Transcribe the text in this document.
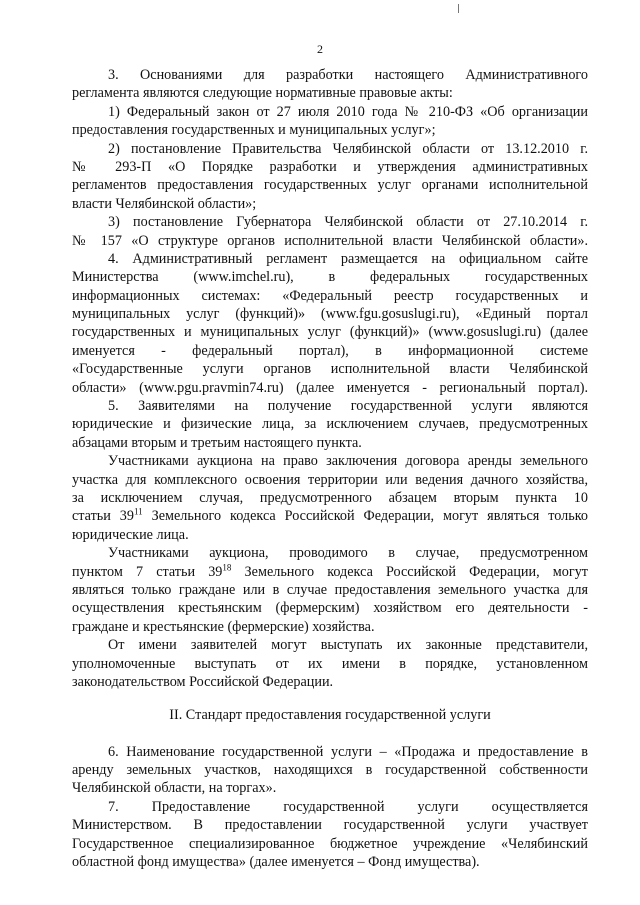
2
3. Основаниями для разработки настоящего Административного
регламента являются следующие нормативные правовые акты:
1) Федеральный закон от 27 июля 2010 года № 210-ФЗ «Об организации
предоставления государственных и муниципальных услуг»;
2) постановление Правительства Челябинской области от 13.12.2010 г.
№ 293-П «О Порядке разработки и утверждения административных
регламентов предоставления государственных услуг органами исполнительной
власти Челябинской области»;
3) постановление Губернатора Челябинской области от 27.10.2014 г.
№ 157 «О структуре органов исполнительной власти Челябинской области».
4. Административный регламент размещается на официальном сайте
Министерства (www.imchel.ru), в федеральных государственных
информационных системах: «Федеральный реестр государственных и
муниципальных услуг (функций)» (www.fgu.gosuslugi.ru), «Единый портал
государственных и муниципальных услуг (функций)» (www.gosuslugi.ru) (далее
именуется - федеральный портал), в информационной системе
«Государственные услуги органов исполнительной власти Челябинской
области» (www.pgu.pravmin74.ru) (далее именуется - региональный портал).
5. Заявителями на получение государственной услуги являются
юридические и физические лица, за исключением случаев, предусмотренных
абзацами вторым и третьим настоящего пункта.
Участниками аукциона на право заключения договора аренды земельного
участка для комплексного освоения территории или ведения дачного хозяйства,
за исключением случая, предусмотренного абзацем вторым пункта 10
статьи $39^{11}$ Земельного кодекса Российской Федерации, могут являться только
юридические лица.
Участниками аукциона, проводимого в случае, предусмотренном
пунктом 7 статьи $39^{18}$ Земельного кодекса Российской Федерации, могут
являться только граждане или в случае предоставления земельного участка для
осуществления крестьянским (фермерским) хозяйством его деятельности -
граждане и крестьянские (фермерские) хозяйства.
От имени заявителей могут выступать их законные представители,
уполномоченные выступать от их имени в порядке, установленном
законодательством Российской Федерации.
II. Стандарт предоставления государственной услуги
6. Наименование государственной услуги – «Продажа и предоставление в
аренду земельных участков, находящихся в государственной собственности
Челябинской области, на торгах».
7. Предоставление государственной услуги осуществляется
Министерством. В предоставлении государственной услуги участвует
Государственное специализированное бюджетное учреждение «Челябинский
областной фонд имущества» (далее именуется – Фонд имущества).
